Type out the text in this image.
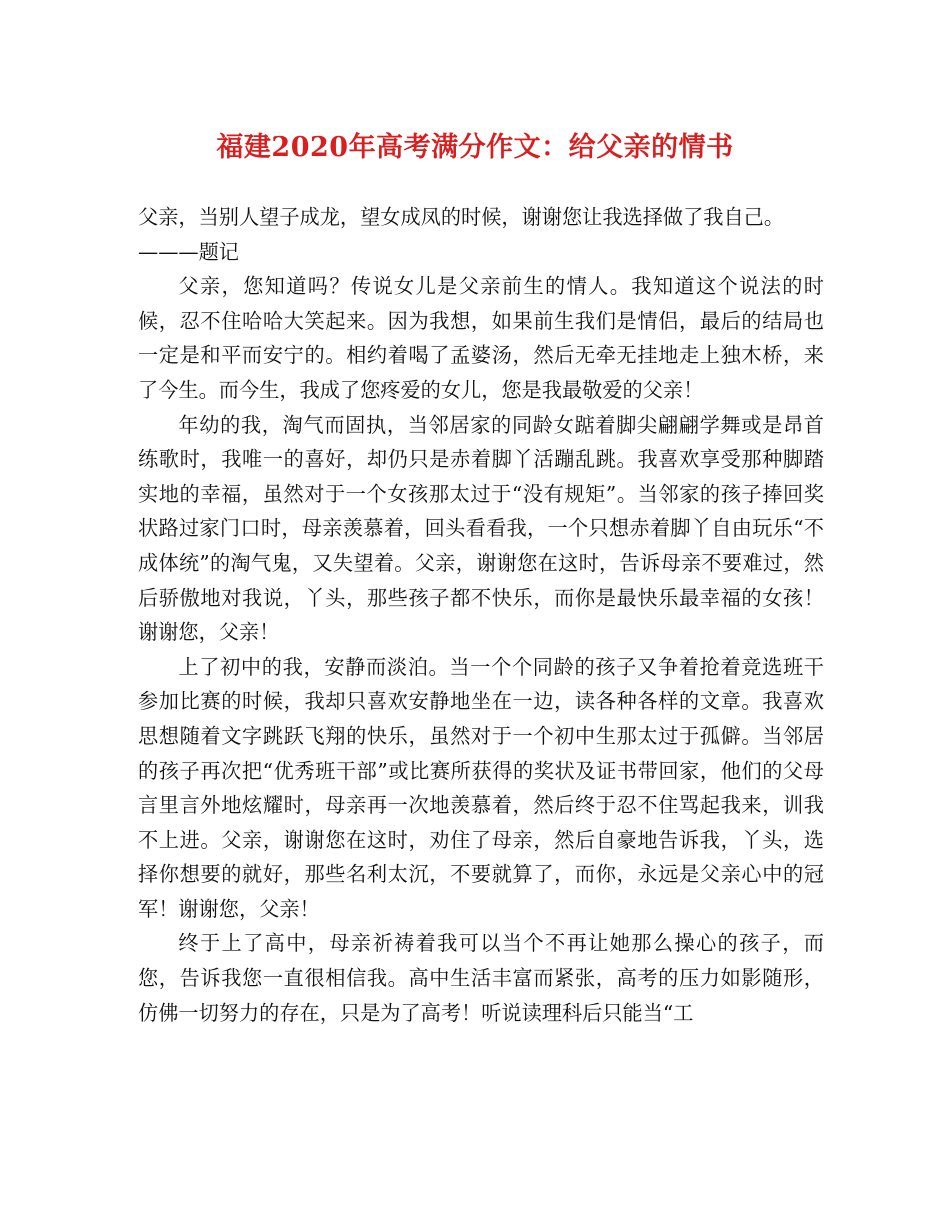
福建2020年高考满分作文：给父亲的情书

父亲，当别人望子成龙，望女成凤的时候，谢谢您让我选择做了我自己。

———题记

父亲，您知道吗？传说女儿是父亲前生的情人。我知道这个说法的时候，忍不住哈哈大笑起来。因为我想，如果前生我们是情侣，最后的结局也一定是和平而安宁的。相约着喝了孟婆汤，然后无牵无挂地走上独木桥，来了今生。而今生，我成了您疼爱的女儿，您是我最敬爱的父亲！

年幼的我，淘气而固执，当邻居家的同龄女踮着脚尖翩翩学舞或是昂首练歌时，我唯一的喜好，却仍只是赤着脚丫活蹦乱跳。我喜欢享受那种脚踏实地的幸福，虽然对于一个女孩那太过于“没有规矩”。当邻家的孩子捧回奖状路过家门口时，母亲羡慕着，回头看看我，一个只想赤着脚丫自由玩乐“不成体统”的淘气鬼，又失望着。父亲，谢谢您在这时，告诉母亲不要难过，然后骄傲地对我说，丫头，那些孩子都不快乐，而你是最快乐最幸福的女孩！谢谢您，父亲！

上了初中的我，安静而淡泊。当一个个同龄的孩子又争着抢着竞选班干参加比赛的时候，我却只喜欢安静地坐在一边，读各种各样的文章。我喜欢思想随着文字跳跃飞翔的快乐，虽然对于一个初中生那太过于孤僻。当邻居的孩子再次把“优秀班干部”或比赛所获得的奖状及证书带回家，他们的父母言里言外地炫耀时，母亲再一次地羡慕着，然后终于忍不住骂起我来，训我不上进。父亲，谢谢您在这时，劝住了母亲，然后自豪地告诉我，丫头，选择你想要的就好，那些名利太沉，不要就算了，而你，永远是父亲心中的冠军！谢谢您，父亲！

终于上了高中，母亲祈祷着我可以当个不再让她那么操心的孩子，而您，告诉我您一直很相信我。高中生活丰富而紧张，高考的压力如影随形，仿佛一切努力的存在，只是为了高考！听说读理科后只能当“工
